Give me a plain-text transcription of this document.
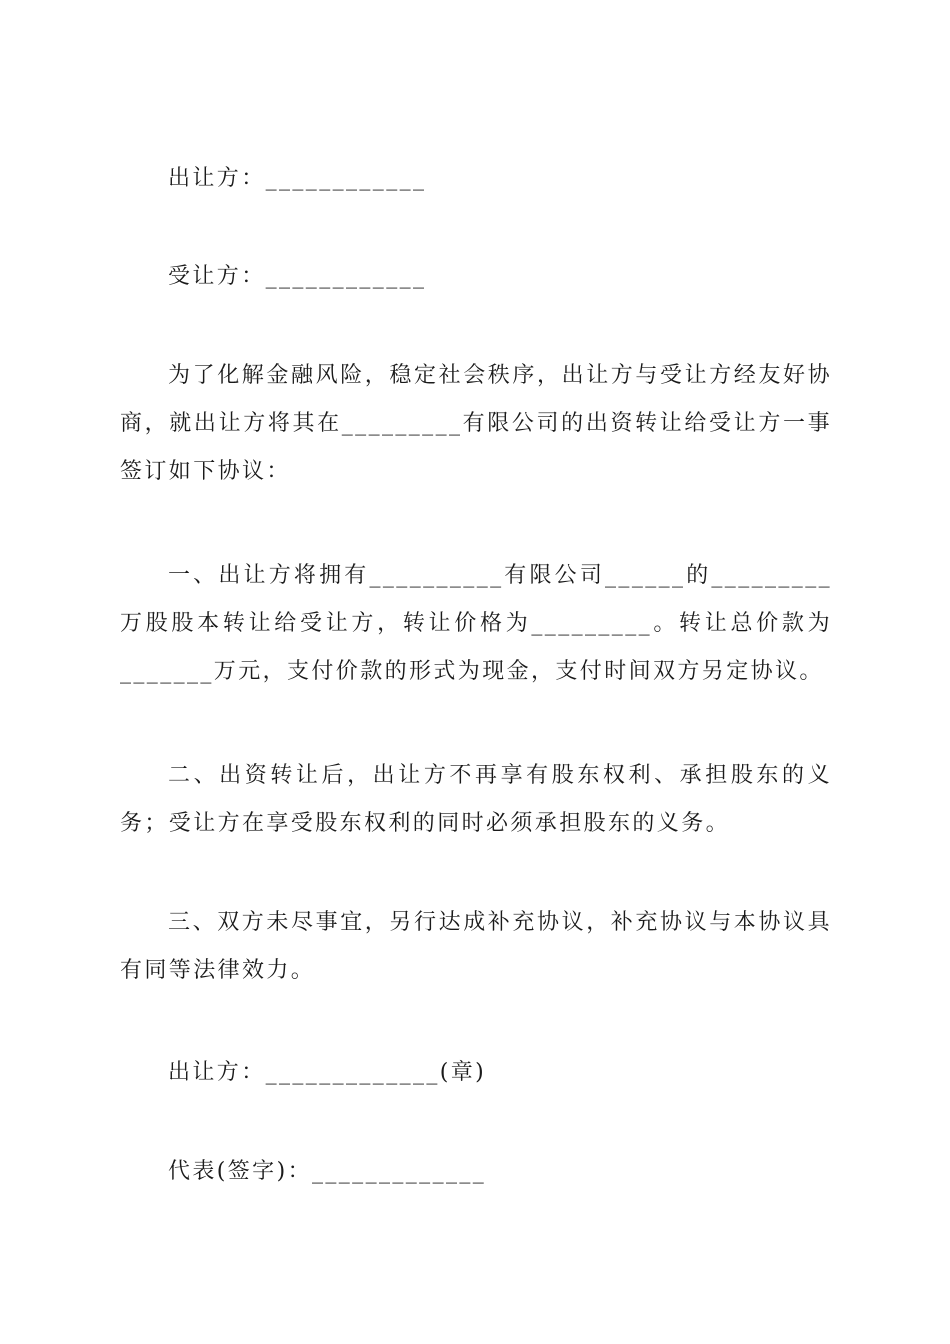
出让方：____________
受让方：____________

为了化解金融风险，稳定社会秩序，出让方与受让方经友好协商，就出让方将其在_________有限公司的出资转让给受让方一事签订如下协议：

一、出让方将拥有__________有限公司______的_________万股股本转让给受让方，转让价格为_________。转让总价款为_______万元，支付价款的形式为现金，支付时间双方另定协议。

二、出资转让后，出让方不再享有股东权利、承担股东的义务；受让方在享受股东权利的同时必须承担股东的义务。

三、双方未尽事宜，另行达成补充协议，补充协议与本协议具有同等法律效力。

出让方：_____________(章)
代表(签字)：_____________
